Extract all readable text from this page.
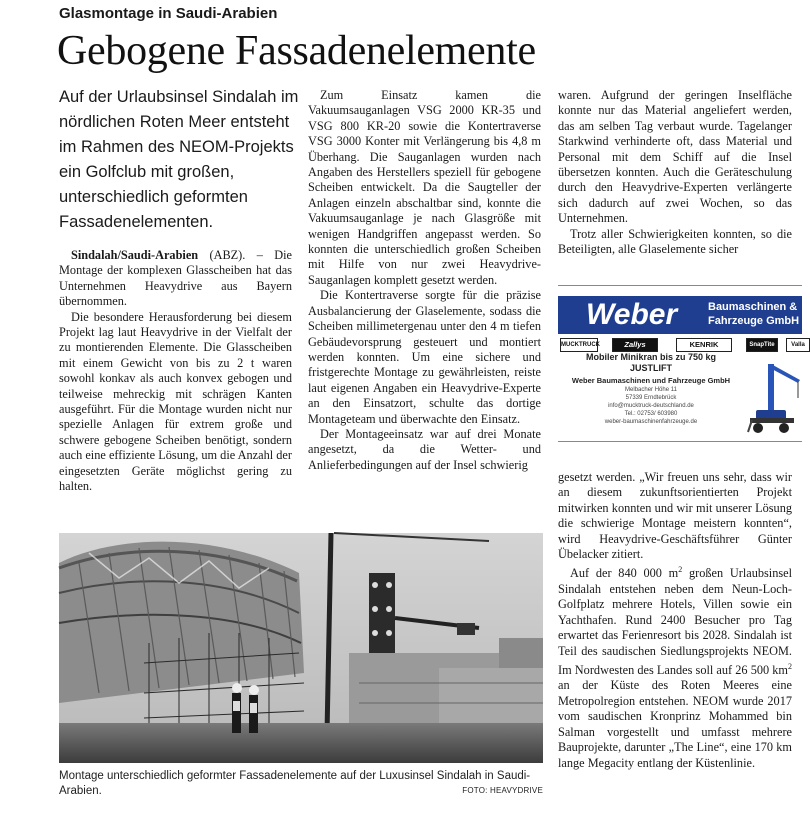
Glasmontage in Saudi-Arabien
Gebogene Fassadenelemente

Auf der Urlaubsinsel Sindalah im nördlichen Roten Meer entsteht im Rahmen des NEOM-Projekts ein Golfclub mit großen, unterschiedlich geformten Fassadenelementen.

Sindalah/Saudi-Arabien (ABZ). – Die Montage der komplexen Glasscheiben hat das Unternehmen Heavydrive aus Bayern übernommen.

Die besondere Herausforderung bei diesem Projekt lag laut Heavydrive in der Vielfalt der zu montierenden Elemente. Die Glasscheiben mit einem Gewicht von bis zu 2 t waren sowohl konkav als auch konvex gebogen und teilweise mehreckig mit schrägen Kanten ausgeführt. Für die Montage wurden nicht nur spezielle Anlagen für extrem große und schwere gebogene Scheiben benötigt, sondern auch eine effiziente Lösung, um die Anzahl der eingesetzten Geräte möglichst gering zu halten.

Zum Einsatz kamen die Vakuumsauganlagen VSG 2000 KR-35 und VSG 800 KR-20 sowie die Kontertraverse VSG 3000 Konter mit Verlängerung bis 4,8 m Überhang. Die Sauganlagen wurden nach Angaben des Herstellers speziell für gebogene Scheiben entwickelt. Da die Saugteller der Anlagen einzeln abschaltbar sind, konnte die Vakuumsauganlage je nach Glasgröße mit wenigen Handgriffen angepasst werden. So konnten die unterschiedlich großen Scheiben mit Hilfe von nur zwei Heavydrive-Sauganlagen komplett gesetzt werden.

Die Kontertraverse sorgte für die präzise Ausbalancierung der Glaselemente, sodass die Scheiben millimetergenau unter den 4 m tiefen Gebäudevorsprung gesteuert und montiert werden konnten. Um eine sichere und fristgerechte Montage zu gewährleisten, reiste laut eigenen Angaben ein Heavydrive-Experte an den Einsatzort, schulte das dortige Montageteam und überwachte den Einsatz.

Der Montageeinsatz war auf drei Monate angesetzt, da die Wetter- und Anlieferbedingungen auf der Insel schwierig

waren. Aufgrund der geringen Inselfläche konnte nur das Material angeliefert werden, das am selben Tag verbaut wurde. Tagelanger Starkwind verhinderte oft, dass Material und Personal mit dem Schiff auf die Insel übersetzen konnten. Auch die Geräteschulung durch den Heavydrive-Experten verlängerte sich dadurch auf zwei Wochen, so das Unternehmen.

Trotz aller Schwierigkeiten konnten, so die Beteiligten, alle Glaselemente sicher

Weber	Baumaschinen &
Fahrzeuge GmbH
MUCKTRUCK	Zallys	KENRIK	SnapTite	Valla
Mobiler Minikran bis zu 750 kg
JUSTLIFT
Weber Baumaschinen und Fahrzeuge GmbH
Melbacher Höhe 11
57339 Erndtebrück
info@mucktruck-deutschland.de
Tel.: 02753/ 603980
weber-baumaschinenfahrzeuge.de

gesetzt werden. „Wir freuen uns sehr, dass wir an diesem zukunftsorientierten Projekt mitwirken konnten und wir mit unserer Lösung die schwierige Montage meistern konnten“, wird Heavydrive-Geschäftsführer Günter Übelacker zitiert.

Auf der 840 000 $m^2$ großen Urlaubsinsel Sindalah entstehen neben dem Neun-Loch-Golfplatz mehrere Hotels, Villen sowie ein Yachthafen. Rund 2400 Besucher pro Tag erwartet das Ferienresort bis 2028. Sindalah ist Teil des saudischen Siedlungsprojekts NEOM. Im Nordwesten des Landes soll auf 26 500 $km^2$ an der Küste des Roten Meeres eine Metropolregion entstehen. NEOM wurde 2017 vom saudischen Kronprinz Mohammed bin Salman vorgestellt und umfasst mehrere Bauprojekte, darunter „The Line“, eine 170 km lange Megacity entlang der Küstenlinie.

Montage unterschiedlich geformter Fassadenelemente auf der Luxusinsel Sindalah in Saudi-Arabien.	FOTO: HEAVYDRIVE
